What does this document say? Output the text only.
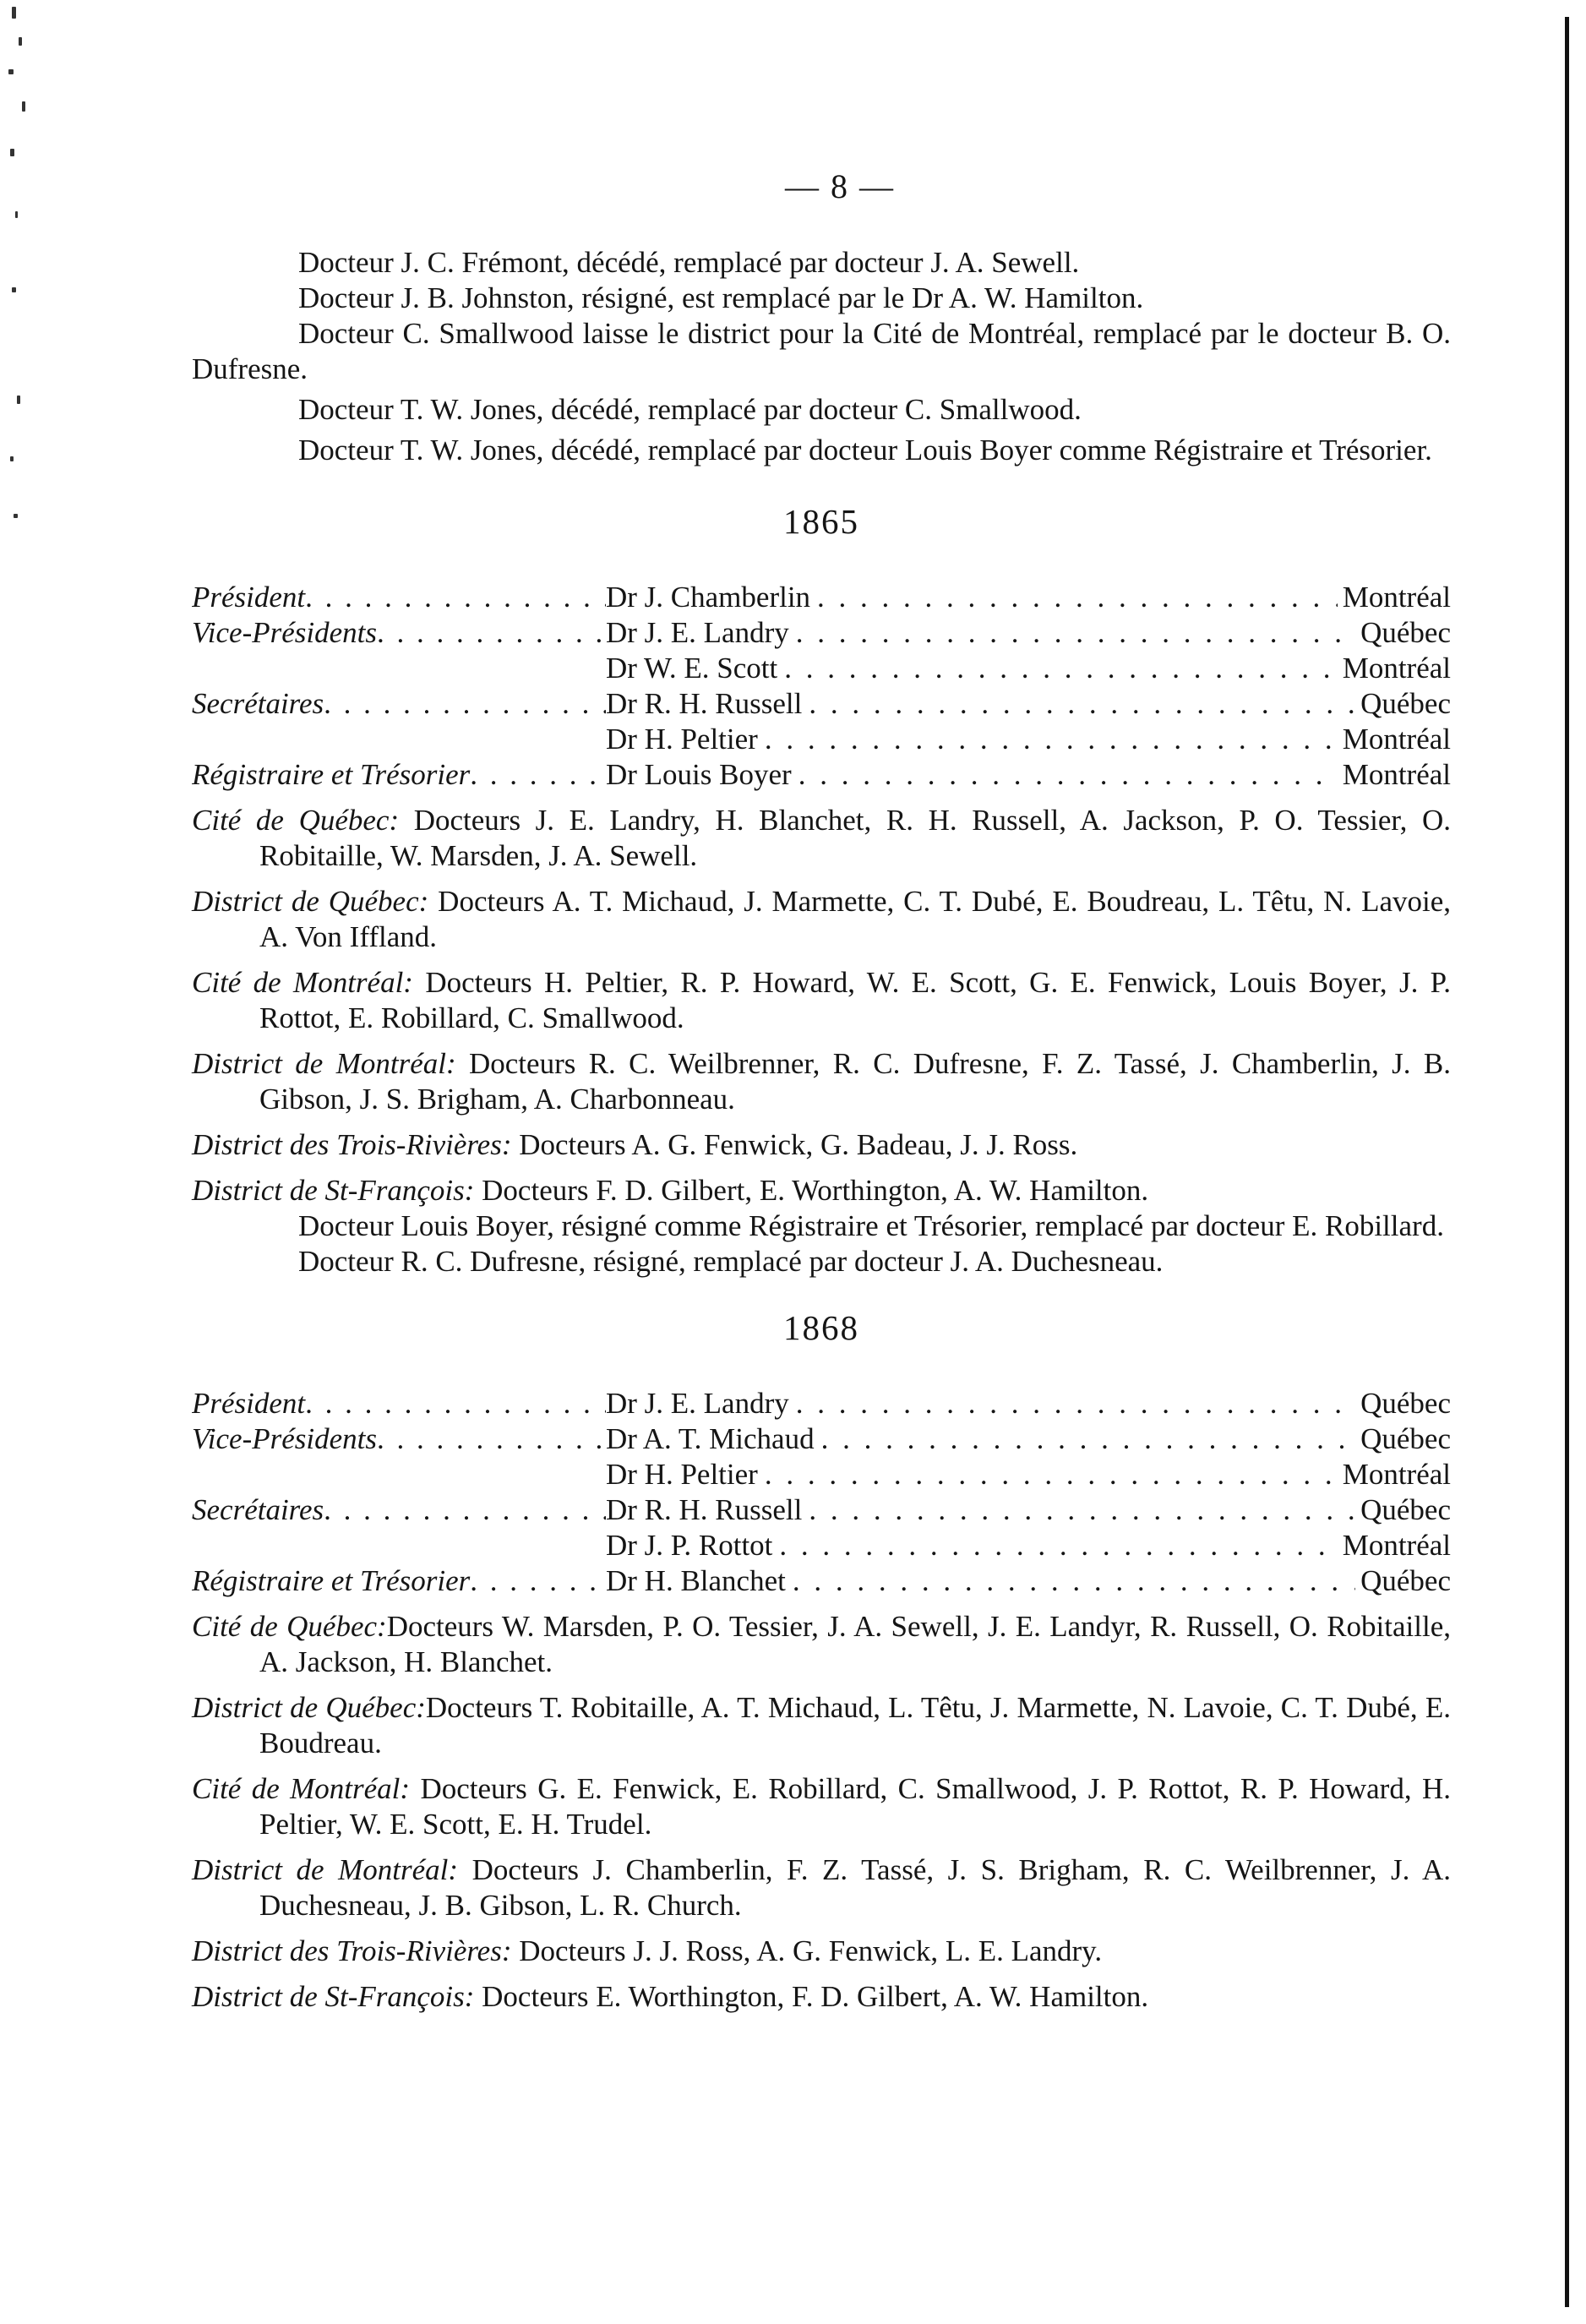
— 8 —

Docteur J. C. Frémont, décédé, remplacé par docteur J. A. Sewell.

Docteur J. B. Johnston, résigné, est remplacé par le Dr A. W. Hamilton.

Docteur C. Smallwood laisse le district pour la Cité de Montréal, remplacé par le docteur B. O. Dufresne.

Docteur T. W. Jones, décédé, remplacé par docteur C. Smallwood.

Docteur T. W. Jones, décédé, remplacé par docteur Louis Boyer comme Régistraire et Trésorier.

1865

Président . . .	Dr J. Chamberlin . . .	Montréal
Vice-Présidents . . .	Dr J. E. Landry . . .	Québec
Dr W. E. Scott . . .	Montréal
Secrétaires . . .	Dr R. H. Russell . . .	Québec
Dr H. Peltier . . .	Montréal
Régistraire et Trésorier . . .	Dr Louis Boyer . . .	Montréal

Cité de Québec: Docteurs J. E. Landry, H. Blanchet, R. H. Russell, A. Jackson, P. O. Tessier, O. Robitaille, W. Marsden, J. A. Sewell.

District de Québec: Docteurs A. T. Michaud, J. Marmette, C. T. Dubé, E. Boudreau, L. Têtu, N. Lavoie, A. Von Iffland.

Cité de Montréal: Docteurs H. Peltier, R. P. Howard, W. E. Scott, G. E. Fenwick, Louis Boyer, J. P. Rottot, E. Robillard, C. Smallwood.

District de Montréal: Docteurs R. C. Weilbrenner, R. C. Dufresne, F. Z. Tassé, J. Chamberlin, J. B. Gibson, J. S. Brigham, A. Charbonneau.

District des Trois-Rivières: Docteurs A. G. Fenwick, G. Badeau, J. J. Ross.

District de St-François: Docteurs F. D. Gilbert, E. Worthington, A. W. Hamilton.

Docteur Louis Boyer, résigné comme Régistraire et Trésorier, remplacé par docteur E. Robillard.

Docteur R. C. Dufresne, résigné, remplacé par docteur J. A. Duchesneau.

1868

Président . . .	Dr J. E. Landry . . .	Québec
Vice-Présidents . . .	Dr A. T. Michaud . . .	Québec
Dr H. Peltier . . .	Montréal
Secrétaires . . .	Dr R. H. Russell . . .	Québec
Dr J. P. Rottot . . .	Montréal
Régistraire et Trésorier . . .	Dr H. Blanchet . . .	Québec

Cité de Québec:Docteurs W. Marsden, P. O. Tessier, J. A. Sewell, J. E. Landyr, R. Russell, O. Robitaille, A. Jackson, H. Blanchet.

District de Québec:Docteurs T. Robitaille, A. T. Michaud, L. Têtu, J. Marmette, N. Lavoie, C. T. Dubé, E. Boudreau.

Cité de Montréal: Docteurs G. E. Fenwick, E. Robillard, C. Smallwood, J. P. Rottot, R. P. Howard, H. Peltier, W. E. Scott, E. H. Trudel.

District de Montréal: Docteurs J. Chamberlin, F. Z. Tassé, J. S. Brigham, R. C. Weilbrenner, J. A. Duchesneau, J. B. Gibson, L. R. Church.

District des Trois-Rivières: Docteurs J. J. Ross, A. G. Fenwick, L. E. Landry.

District de St-François: Docteurs E. Worthington, F. D. Gilbert, A. W. Hamilton.
